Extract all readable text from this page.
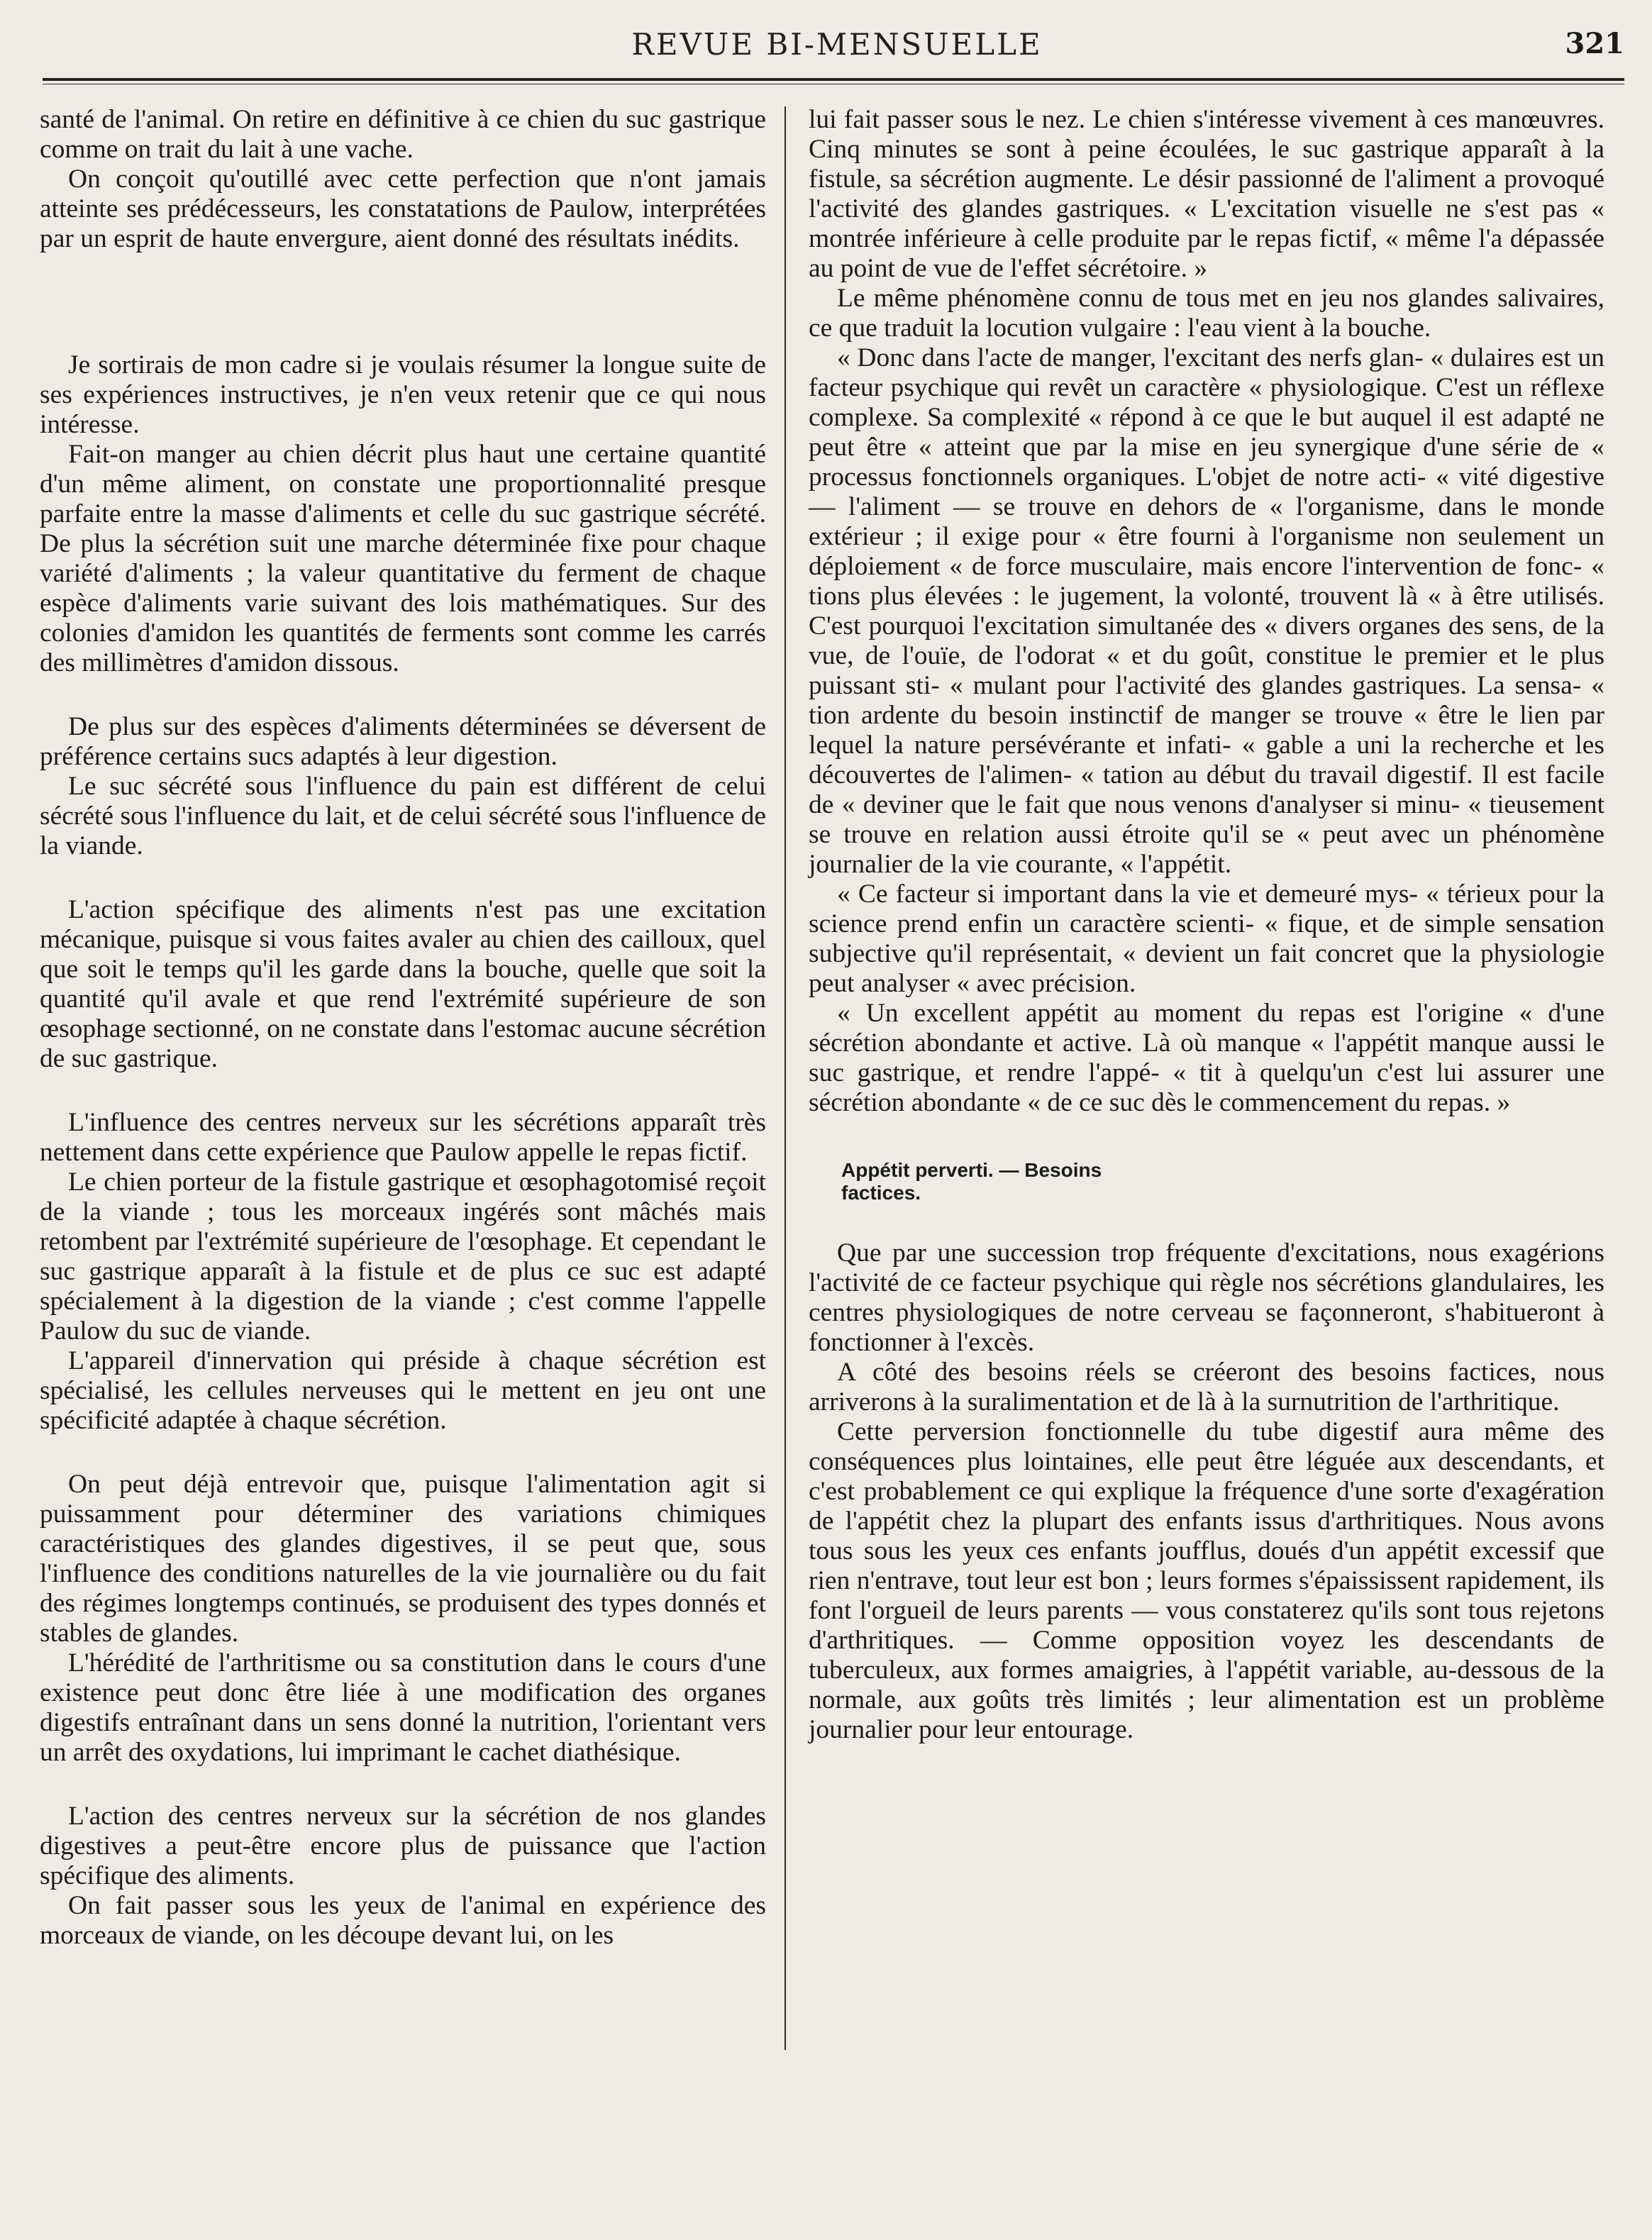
REVUE BI-MENSUELLE	321

santé de l'animal. On retire en définitive à ce chien du suc gastrique comme on trait du lait à une vache.

On conçoit qu'outillé avec cette perfection que n'ont jamais atteinte ses prédécesseurs, les constatations de Paulow, interprétées par un esprit de haute envergure, aient donné des résultats inédits.

Je sortirais de mon cadre si je voulais résumer la longue suite de ses expériences instructives, je n'en veux retenir que ce qui nous intéresse.

Fait-on manger au chien décrit plus haut une certaine quantité d'un même aliment, on constate une proportionnalité presque parfaite entre la masse d'aliments et celle du suc gastrique sécrété. De plus la sécrétion suit une marche déterminée fixe pour chaque variété d'aliments ; la valeur quantitative du ferment de chaque espèce d'aliments varie suivant des lois mathématiques. Sur des colonies d'amidon les quantités de ferments sont comme les carrés des millimètres d'amidon dissous.

De plus sur des espèces d'aliments déterminées se déversent de préférence certains sucs adaptés à leur digestion.

Le suc sécrété sous l'influence du pain est différent de celui sécrété sous l'influence du lait, et de celui sécrété sous l'influence de la viande.

L'action spécifique des aliments n'est pas une excitation mécanique, puisque si vous faites avaler au chien des cailloux, quel que soit le temps qu'il les garde dans la bouche, quelle que soit la quantité qu'il avale et que rend l'extrémité supérieure de son œsophage sectionné, on ne constate dans l'estomac aucune sécrétion de suc gastrique.

L'influence des centres nerveux sur les sécrétions apparaît très nettement dans cette expérience que Paulow appelle le repas fictif.

Le chien porteur de la fistule gastrique et œsophagotomisé reçoit de la viande ; tous les morceaux ingérés sont mâchés mais retombent par l'extrémité supérieure de l'œsophage. Et cependant le suc gastrique apparaît à la fistule et de plus ce suc est adapté spécialement à la digestion de la viande ; c'est comme l'appelle Paulow du suc de viande.

L'appareil d'innervation qui préside à chaque sécrétion est spécialisé, les cellules nerveuses qui le mettent en jeu ont une spécificité adaptée à chaque sécrétion.

On peut déjà entrevoir que, puisque l'alimentation agit si puissamment pour déterminer des variations chimiques caractéristiques des glandes digestives, il se peut que, sous l'influence des conditions naturelles de la vie journalière ou du fait des régimes longtemps continués, se produisent des types donnés et stables de glandes.

L'hérédité de l'arthritisme ou sa constitution dans le cours d'une existence peut donc être liée à une modification des organes digestifs entraînant dans un sens donné la nutrition, l'orientant vers un arrêt des oxydations, lui imprimant le cachet diathésique.

L'action des centres nerveux sur la sécrétion de nos glandes digestives a peut-être encore plus de puissance que l'action spécifique des aliments.

On fait passer sous les yeux de l'animal en expérience des morceaux de viande, on les découpe devant lui, on les

lui fait passer sous le nez. Le chien s'intéresse vivement à ces manœuvres. Cinq minutes se sont à peine écoulées, le suc gastrique apparaît à la fistule, sa sécrétion augmente. Le désir passionné de l'aliment a provoqué l'activité des glandes gastriques. « L'excitation visuelle ne s'est pas « montrée inférieure à celle produite par le repas fictif, « même l'a dépassée au point de vue de l'effet sécrétoire. »

Le même phénomène connu de tous met en jeu nos glandes salivaires, ce que traduit la locution vulgaire : l'eau vient à la bouche.

« Donc dans l'acte de manger, l'excitant des nerfs glan- « dulaires est un facteur psychique qui revêt un caractère « physiologique. C'est un réflexe complexe. Sa complexité « répond à ce que le but auquel il est adapté ne peut être « atteint que par la mise en jeu synergique d'une série de « processus fonctionnels organiques. L'objet de notre acti- « vité digestive — l'aliment — se trouve en dehors de « l'organisme, dans le monde extérieur ; il exige pour « être fourni à l'organisme non seulement un déploiement « de force musculaire, mais encore l'intervention de fonc- « tions plus élevées : le jugement, la volonté, trouvent là « à être utilisés. C'est pourquoi l'excitation simultanée des « divers organes des sens, de la vue, de l'ouïe, de l'odorat « et du goût, constitue le premier et le plus puissant sti- « mulant pour l'activité des glandes gastriques. La sensa- « tion ardente du besoin instinctif de manger se trouve « être le lien par lequel la nature persévérante et infati- « gable a uni la recherche et les découvertes de l'alimen- « tation au début du travail digestif. Il est facile de « deviner que le fait que nous venons d'analyser si minu- « tieusement se trouve en relation aussi étroite qu'il se « peut avec un phénomène journalier de la vie courante, « l'appétit.

« Ce facteur si important dans la vie et demeuré mys- « térieux pour la science prend enfin un caractère scienti- « fique, et de simple sensation subjective qu'il représentait, « devient un fait concret que la physiologie peut analyser « avec précision.

« Un excellent appétit au moment du repas est l'origine « d'une sécrétion abondante et active. Là où manque « l'appétit manque aussi le suc gastrique, et rendre l'appé- « tit à quelqu'un c'est lui assurer une sécrétion abondante « de ce suc dès le commencement du repas. »

Appétit perverti. — Besoins factices.

Que par une succession trop fréquente d'excitations, nous exagérions l'activité de ce facteur psychique qui règle nos sécrétions glandulaires, les centres physiologiques de notre cerveau se façonneront, s'habitueront à fonctionner à l'excès.

A côté des besoins réels se créeront des besoins factices, nous arriverons à la suralimentation et de là à la surnutrition de l'arthritique.

Cette perversion fonctionnelle du tube digestif aura même des conséquences plus lointaines, elle peut être léguée aux descendants, et c'est probablement ce qui explique la fréquence d'une sorte d'exagération de l'appétit chez la plupart des enfants issus d'arthritiques. Nous avons tous sous les yeux ces enfants joufflus, doués d'un appétit excessif que rien n'entrave, tout leur est bon ; leurs formes s'épaississent rapidement, ils font l'orgueil de leurs parents — vous constaterez qu'ils sont tous rejetons d'arthritiques. — Comme opposition voyez les descendants de tuberculeux, aux formes amaigries, à l'appétit variable, au-dessous de la normale, aux goûts très limités ; leur alimentation est un problème journalier pour leur entourage.
